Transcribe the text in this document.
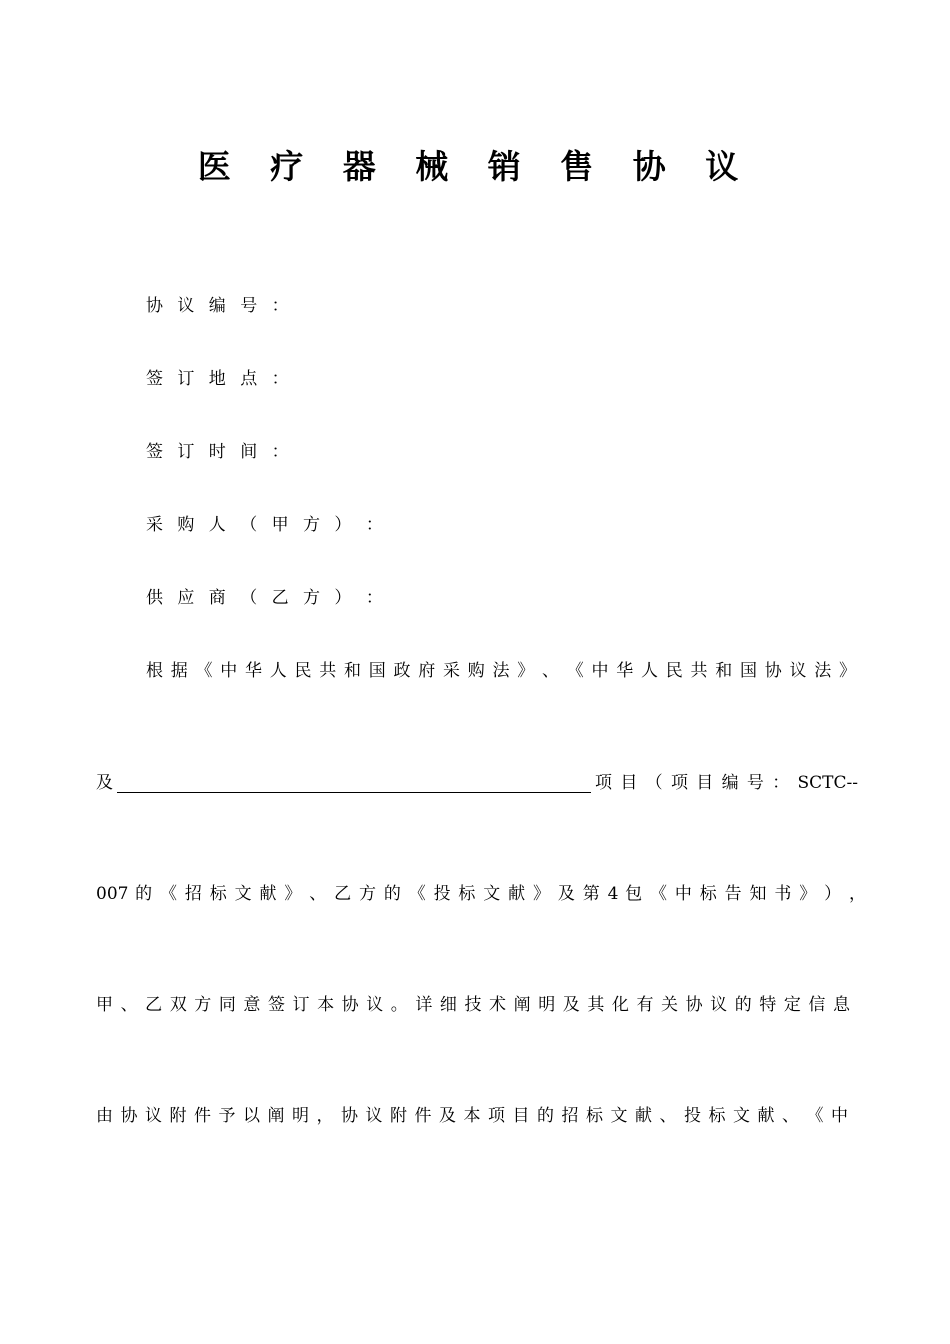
医 疗 器 械 销 售 协 议
协 议 编 号 ：
签 订 地 点 ：
签 订 时 间 ：
采 购 人 （ 甲 方 ） ：
供 应 商 （ 乙 方 ） ：
根 据 《 中 华 人 民 共 和 国 政 府 采 购 法 》 、 《 中 华 人 民 共 和 国 协 议 法 》
及	项 目 （ 项 目 编 号 ： SCTC--
007 的 《 招 标 文 献 》 、 乙 方 的 《 投 标 文 献 》 及 第 4 包 《 中 标 告 知 书 》 ） ，
甲 、 乙 双 方 同 意 签 订 本 协 议 。 详 细 技 术 阐 明 及 其 化 有 关 协 议 的 特 定 信 息
由 协 议 附 件 予 以 阐 明 ， 协 议 附 件 及 本 项 目 的 招 标 文 献 、 投 标 文 献 、 《 中
